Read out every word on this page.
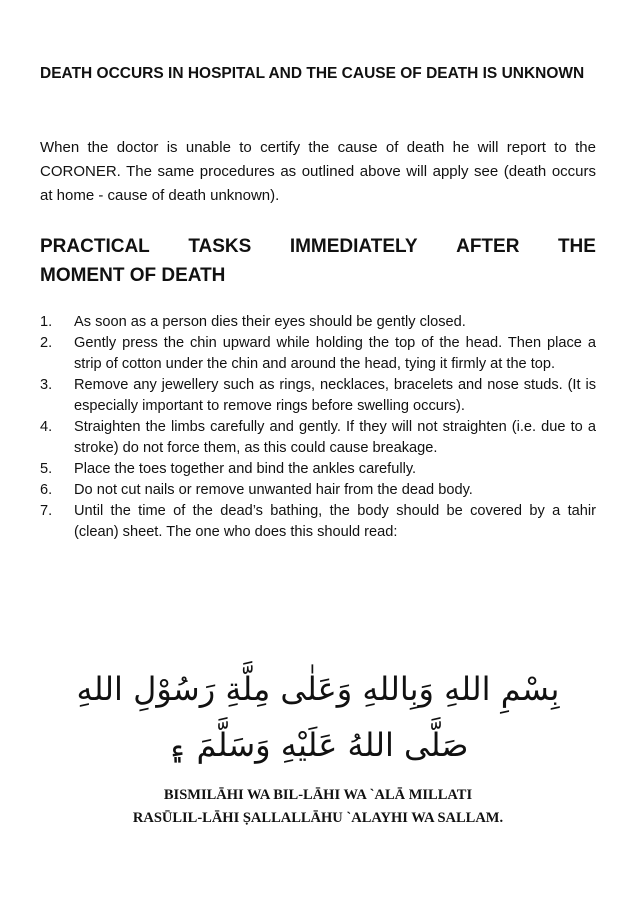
DEATH OCCURS IN HOSPITAL AND THE CAUSE OF DEATH IS UNKNOWN

When the doctor is unable to certify the cause of death he will report to the CORONER. The same procedures as outlined above will apply see (death occurs at home - cause of death unknown).

PRACTICAL TASKS IMMEDIATELY AFTER THE
MOMENT OF DEATH
1.	As soon as a person dies their eyes should be gently closed.
2.	Gently press the chin upward while holding the top of the head. Then place a strip of cotton under the chin and around the head, tying it firmly at the top.
3.	Remove any jewellery such as rings, necklaces, bracelets and nose studs. (It is especially important to remove rings before swelling occurs).
4.	Straighten the limbs carefully and gently. If they will not straighten (i.e. due to a stroke) do not force them, as this could cause breakage.
5.	Place the toes together and bind the ankles carefully.
6.	Do not cut nails or remove unwanted hair from the dead body.
7.	Until the time of the dead’s bathing, the body should be covered by a tahir (clean) sheet. The one who does this should read:

بِسْمِ اللهِ وَبِاللهِ وَعَلٰى مِلَّةِ رَسُوْلِ اللهِ

صَلَّى اللهُ عَلَيْهِ وَسَلَّمَ ۽

BISMILĀHI WA BIL-LĀHI WA `ALĀ MILLATI
RASŪLIL-LĀHI ṢALLALLĀHU `ALAYHI WA SALLAM.
